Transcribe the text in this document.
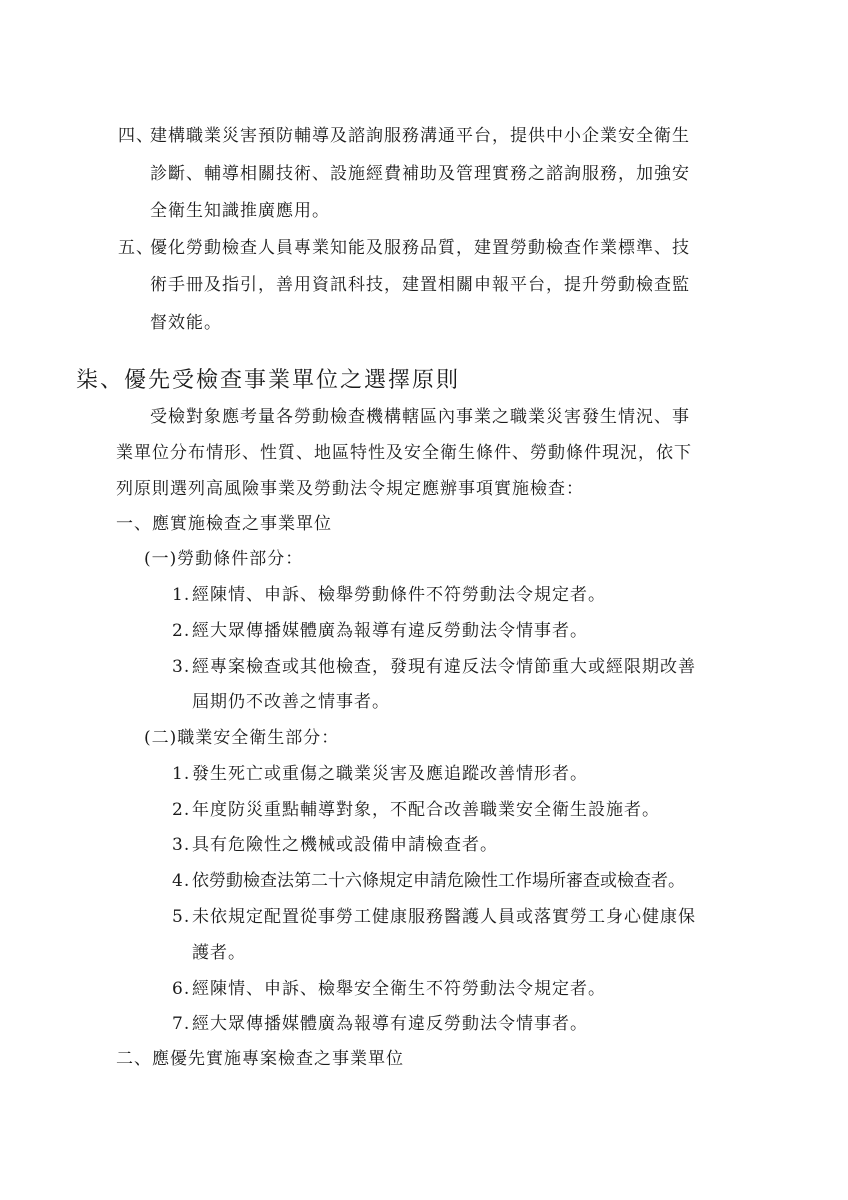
四、
建構職業災害預防輔導及諮詢服務溝通平台，提供中小企業安全衛生
診斷、輔導相關技術、設施經費補助及管理實務之諮詢服務，加強安
全衛生知識推廣應用。
五、
優化勞動檢查人員專業知能及服務品質，建置勞動檢查作業標準、技
術手冊及指引，善用資訊科技，建置相關申報平台，提升勞動檢查監
督效能。
柒、優先受檢查事業單位之選擇原則
受檢對象應考量各勞動檢查機構轄區內事業之職業災害發生情況、事
業單位分布情形、性質、地區特性及安全衛生條件、勞動條件現況，依下
列原則選列高風險事業及勞動法令規定應辦事項實施檢查：
一、應實施檢查之事業單位
(一)勞動條件部分：
1. 經陳情、申訴、檢舉勞動條件不符勞動法令規定者。
2. 經大眾傳播媒體廣為報導有違反勞動法令情事者。
3. 經專案檢查或其他檢查，發現有違反法令情節重大或經限期改善
屆期仍不改善之情事者。
(二)職業安全衛生部分：
1. 發生死亡或重傷之職業災害及應追蹤改善情形者。
2. 年度防災重點輔導對象，不配合改善職業安全衛生設施者。
3. 具有危險性之機械或設備申請檢查者。
4. 依勞動檢查法第二十六條規定申請危險性工作場所審查或檢查者。
5. 未依規定配置從事勞工健康服務醫護人員或落實勞工身心健康保
護者。
6. 經陳情、申訴、檢舉安全衛生不符勞動法令規定者。
7. 經大眾傳播媒體廣為報導有違反勞動法令情事者。
二、應優先實施專案檢查之事業單位
